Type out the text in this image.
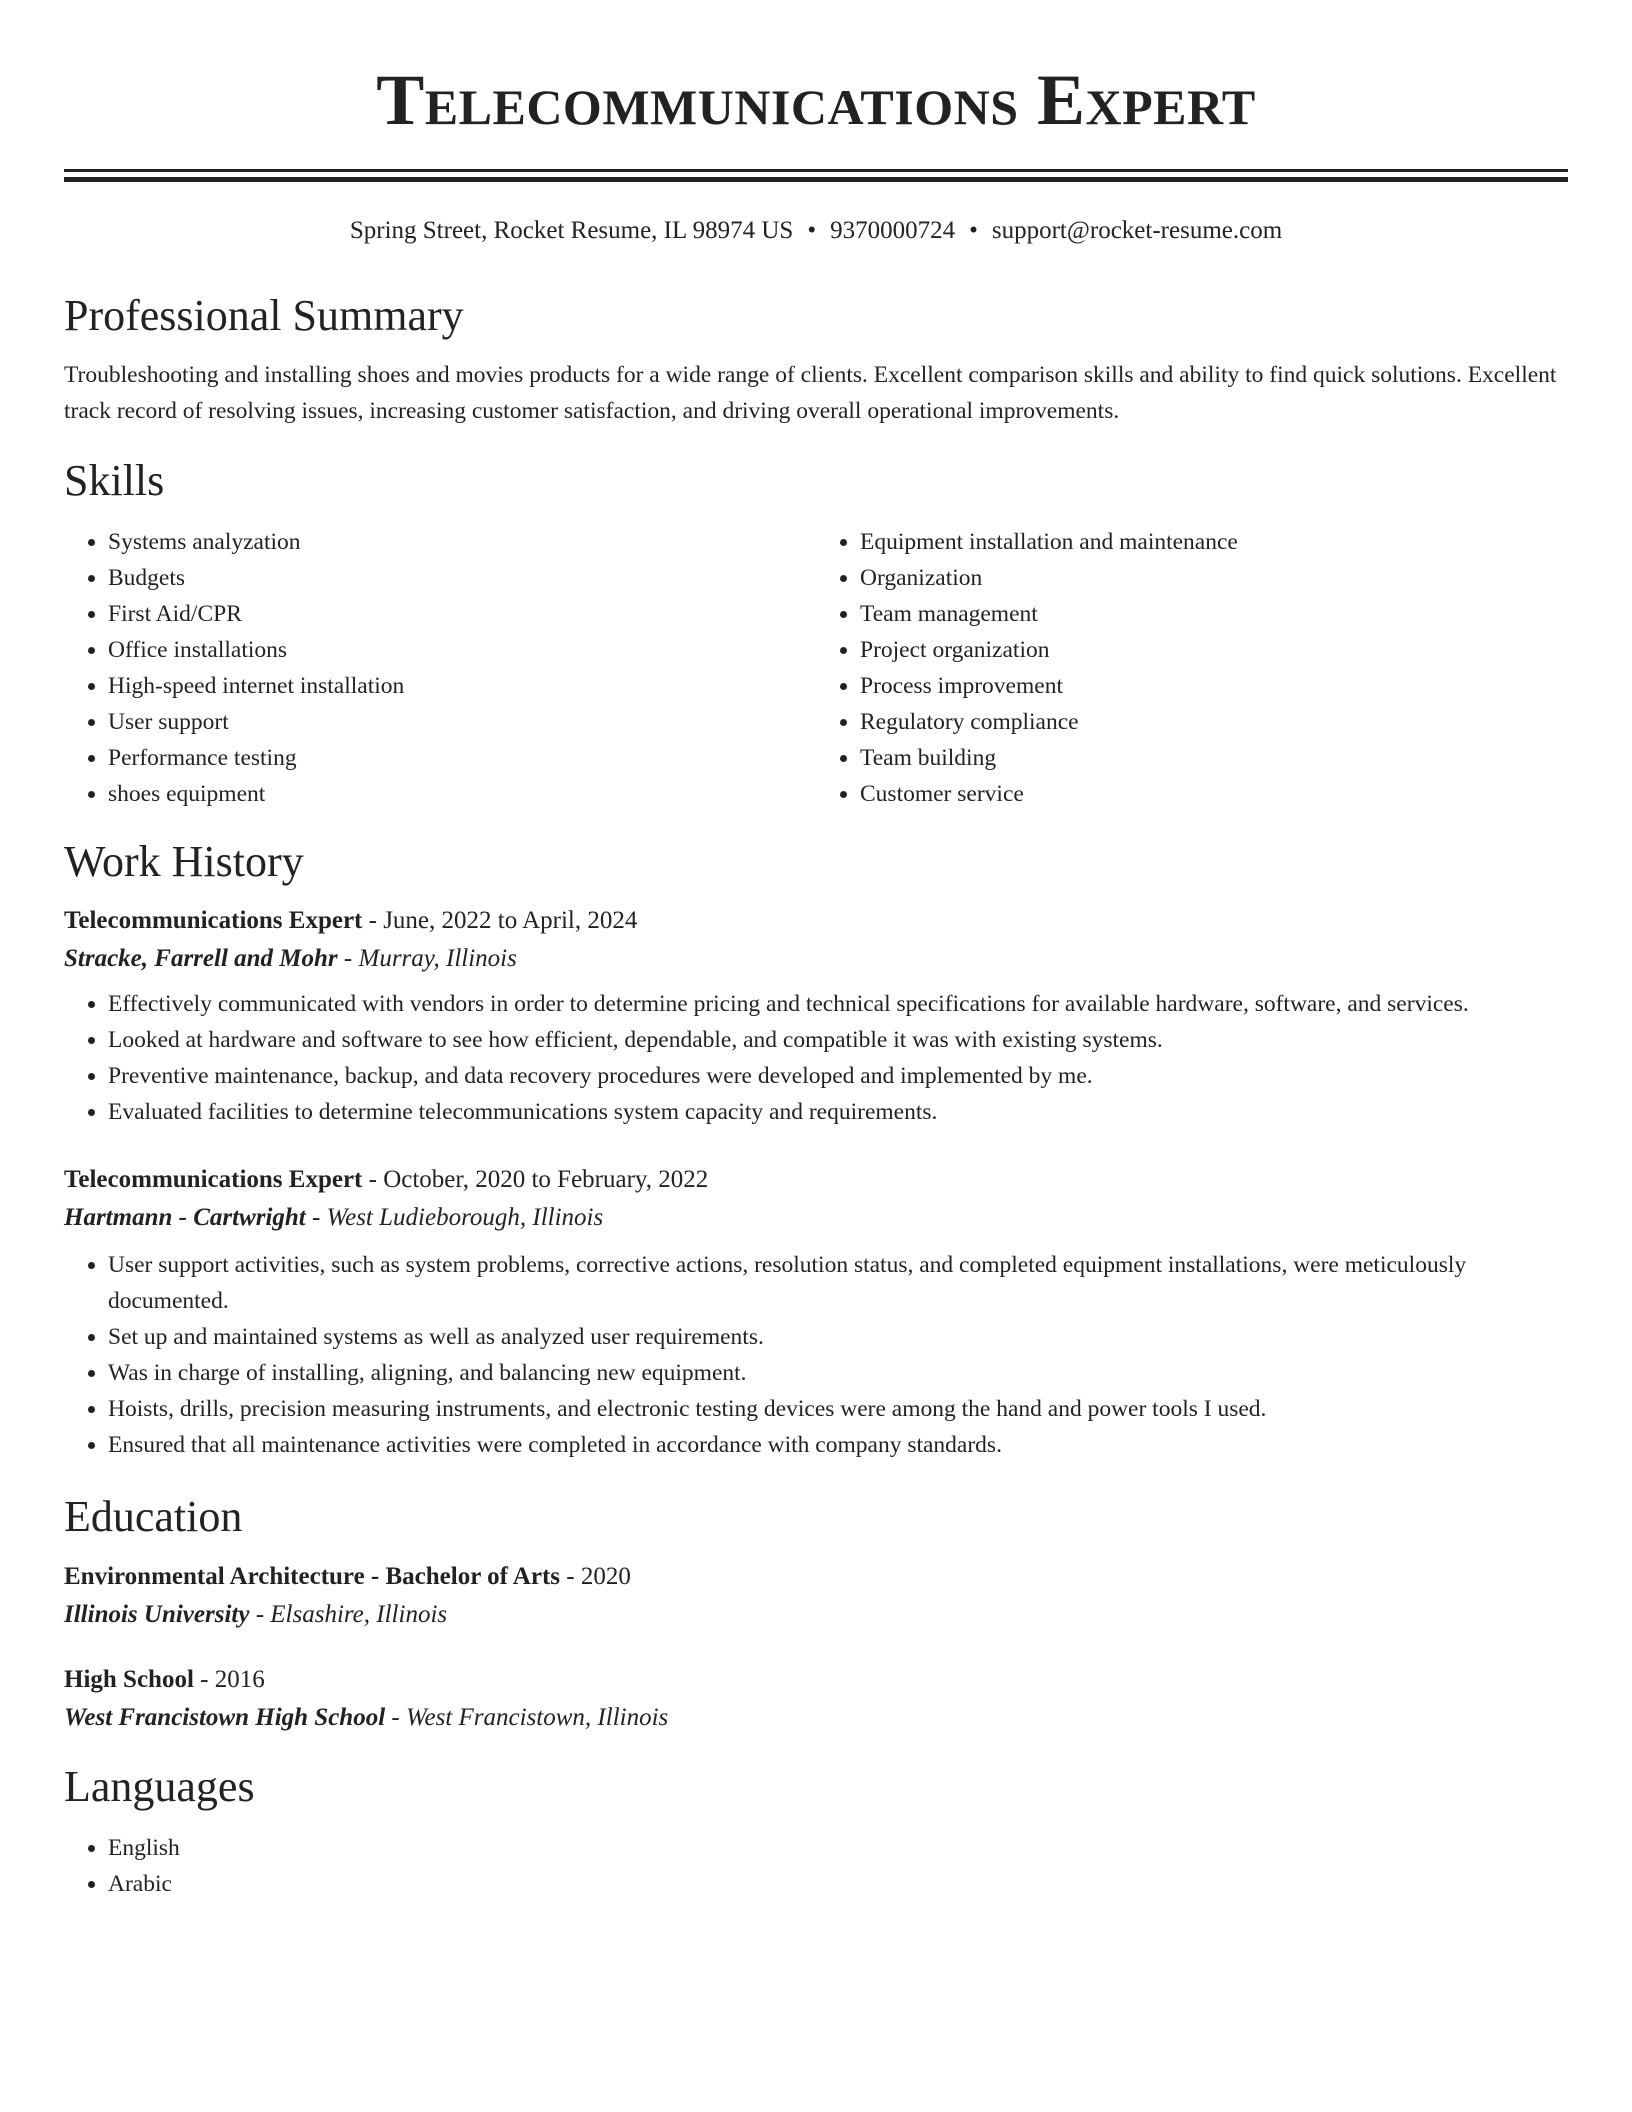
Telecommunications Expert
Spring Street, Rocket Resume, IL 98974 US • 9370000724 • support@rocket-resume.com
Professional Summary

Troubleshooting and installing shoes and movies products for a wide range of clients. Excellent comparison skills and ability to find quick solutions. Excellent track record of resolving issues, increasing customer satisfaction, and driving overall operational improvements.

Skills
• Systems analyzation
• Budgets
• First Aid/CPR
• Office installations
• High-speed internet installation
• User support
• Performance testing
• shoes equipment
• Equipment installation and maintenance
• Organization
• Team management
• Project organization
• Process improvement
• Regulatory compliance
• Team building
• Customer service
Work History
Telecommunications Expert - June, 2022 to April, 2024
Stracke, Farrell and Mohr - Murray, Illinois
• Effectively communicated with vendors in order to determine pricing and technical specifications for available hardware, software, and services.
• Looked at hardware and software to see how efficient, dependable, and compatible it was with existing systems.
• Preventive maintenance, backup, and data recovery procedures were developed and implemented by me.
• Evaluated facilities to determine telecommunications system capacity and requirements.
Telecommunications Expert - October, 2020 to February, 2022
Hartmann - Cartwright - West Ludieborough, Illinois
• User support activities, such as system problems, corrective actions, resolution status, and completed equipment installations, were meticulously documented.
• Set up and maintained systems as well as analyzed user requirements.
• Was in charge of installing, aligning, and balancing new equipment.
• Hoists, drills, precision measuring instruments, and electronic testing devices were among the hand and power tools I used.
• Ensured that all maintenance activities were completed in accordance with company standards.
Education
Environmental Architecture - Bachelor of Arts - 2020
Illinois University - Elsashire, Illinois
High School - 2016
West Francistown High School - West Francistown, Illinois
Languages
• English
• Arabic
